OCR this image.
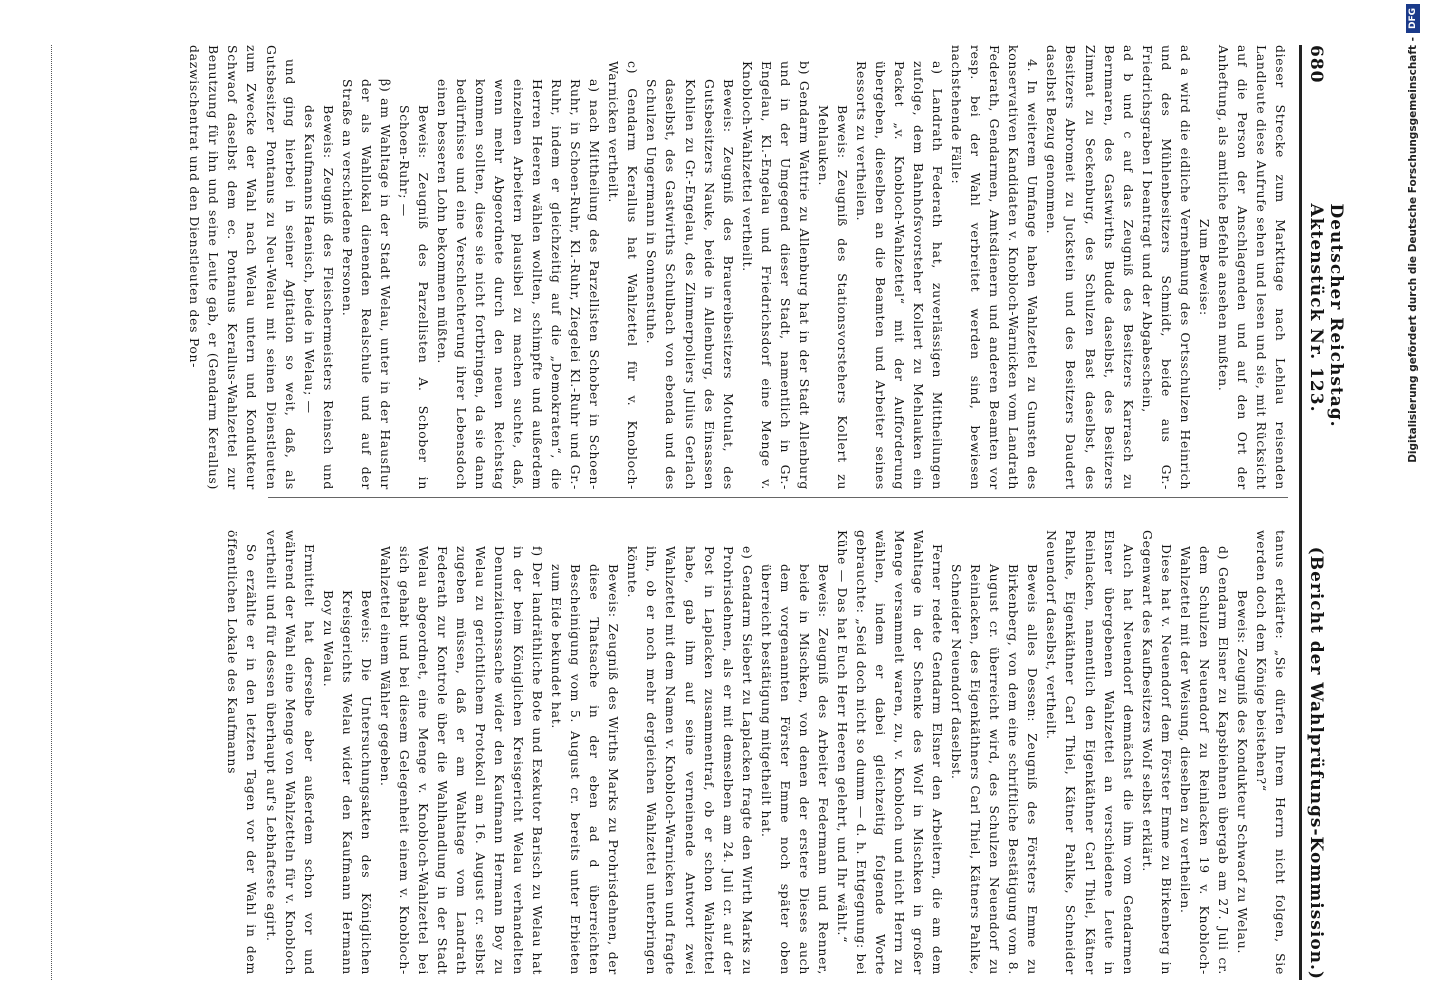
680
Deutscher Reichstag. Aktenstück Nr. 123.
(Bericht der Wahlprüfungs-Kommission.)

dieser Strecke zum Markttage nach Lehlau reisenden Landleute diese Aufrufe sehen und lesen und sie, mit Rücksicht auf die Person der Anschlagenden und auf den Ort der Anheftung, als amtliche Befehle ansehen mußten.

Zum Beweise:

ad a wird die eidliche Vernehmung des Ortsschulzen Heinrich und des Mühlenbesitzers Schmidt, beide aus Gr.-Friedrichsgraben I beantragt und der Abgabeschein,

ad b und c auf das Zeugniß des Besitzers Karrasch zu Bernmaren, des Gastwirths Budde daselbst, des Besitzers Zimmat zu Seckenburg, des Schulzen Bast daselbst, des Besitzers Abromeit zu Juckstein und des Besitzers Daudert daselbst Bezug genommen.

4. In weiterem Umfange haben Wahlzettel zu Gunsten des konservativen Kandidaten v. Knobloch-Warnicken vom Landrath Federath, Gendarmen, Amtsdienern und anderen Beamten vor resp. bei der Wahl verbreitet werden sind, bewiesen nachstehende Fälle:

a) Landrath Federath hat, zuverlässigen Mittheilungen zufolge, dem Bahnhofsvorsteher Kollert zu Mehlauken ein Packet „v. Knobloch-Wahlzettel“ mit der Aufforderung übergeben, dieselben an die Beamten und Arbeiter seines Ressorts zu vertheilen.

Beweis: Zeugniß des Stationsvorstehers Kollert zu Mehlauken.

b) Gendarm Wattrie zu Allenburg hat in der Stadt Allenburg und in der Umgegend dieser Stadt, namentlich in Gr.-Engelau, Kl.-Engelau und Friedrichsdorf eine Menge v. Knobloch-Wahlzettel vertheilt.

Beweis: Zeugniß des Brauereibesitzers Motulat, des Gutsbesitzers Nauke, beide in Allenburg, des Einsassen Kohlien zu Gr.-Engelau, des Zimmerpoliers Julius Gerlach daselbst, des Gastwirths Schulbach von ebenda und des Schulzen Ungermann in Sonnenstuhe.

c) Gendarm Kerallus hat Wahlzettel für v. Knobloch-Warnicken vertheilt.

a) nach Mittheilung des Parzellisten Schober in Schoen-Ruhr, in Schoen-Ruhr, Kl.-Ruhr, Ziegelei Kl.-Ruhr und Gr.-Ruhr, indem er gleichzeitig auf die „Demokraten“, die Herren Heeren wählen wollten, schimpfte und außerdem einzelnen Arbeitern plausibel zu machen suchte, daß, wenn mehr Abgeordnete durch den neuen Reichstag kommen sollten, diese sie nicht fortbringen, da sie dann bedürfnisse und eine Verschlechterung ihrer Lebensdoch einen besseren Lohn bekommen müßten.

Beweis: Zeugniß des Parzellisten A. Schober in Schoen-Ruhr; —

β) am Wahltage in der Stadt Welau, unter in der Hausflur der als Wahllokal dienenden Realschule und auf der Straße an verschiedene Personen.

Beweis: Zeugniß des Fleischermeisters Reinsch und des Kaufmanns Haenisch, beide in Welau; —

und ging hierbei in seiner Agitation so weit, daß, als Gutsbesitzer Pontanus zu Neu-Welau mit seinen Dienstleuten zum Zwecke der Wahl nach Welau untern und Kondukteur Schwaof daselbst dem ec. Pontanus Kerallus-Wahlzettel zur Benutzung für ihn und seine Leute gab, er (Gendarm Kerallus) dazwischentrat und den Dienstleuten des Pon-

tanus erklärte: „Sie dürfen Ihrem Herrn nicht folgen, Sie werden doch dem Könige beistehen?“

Beweis: Zeugniß des Kondukteur Schwaof zu Welau.

d) Gendarm Elsner zu Kapsbiehnen übergab am 27. Juli cr. dem Schulzen Neuendorf zu Reinlacken 19 v. Knobloch-Wahlzettel mit der Weisung, dieselben zu vertheilen.

Diese hat v. Neuendorf dem Förster Emme zu Birkenberg in Gegenwart des Kaufbesitzers Wolf selbst erklärt.

Auch hat Neuendorf demnächst die ihm vom Gendarmen Elsner übergebenen Wahlzettel an verschiedene Leute in Reinlacken, namentlich den Eigenkäthner Carl Thiel, Kätner Pahlke, Eigenkäthner Carl Thiel, Kätner Pahlke, Schneider Neuendorf daselbst, vertheilt.

Beweis alles Dessen: Zeugniß des Försters Emme zu Birkenberg, von dem eine schriftliche Bestätigung vom 8. August cr. überreicht wird, des Schulzen Neuendorf zu Reinlacken, des Eigenkäthners Carl Thiel, Kätners Pahlke, Schneider Neuendorf daselbst.

Ferner redete Gendarm Elsner den Arbeitern, die am dem Wahltage in der Schenke des Wolf in Mischken in großer Menge versammelt waren, zu, v. Knobloch und nicht Herrn zu wählen, indem er dabei gleichzeitig folgende Worte gebrauchte: „Seid doch nicht so dumm — d. h. Entgegnung: bei Kühe — Das hat Euch Herr Heeren gelehrt, und Ihr wählt.“

Beweis: Zeugniß des Arbeiter Federmann und Renner, beide in Mischken, von denen der erstere Dieses auch dem vorgenannten Förster Emme noch später oben überreicht bestätigung mitgetheilt hat.

e) Gendarm Siebert zu Laplacken fragte den Wirth Marks zu Prohrisdehnen, als er mit demselben am 24. Juli cr. auf der Post in Laplacken zusammentraf, ob er schon Wahlzettel habe, gab ihm auf seine verneinende Antwort zwei Wahlzettel mit dem Namen v. Knobloch-Warnicken und fragte ihn, ob er noch mehr dergleichen Wahlzettel unterbringen könnte.

Beweis: Zeugniß des Wirths Marks zu Prohrisdehnen, der diese Thatsache in der eben ad d überreichten Bescheinigung vom 5. August cr. bereits unter Erbieten zum Eide bekundet hat.

f) Der landräthliche Bote und Exekutor Barisch zu Welau hat in der beim Königlichen Kreisgericht Welau verhandelten Denunziationssache wider den Kaufmann Hermann Boy zu Welau zu gerichtlichem Protokoll am 16. August cr. selbst zugeben müssen, daß er am Wahltage vom Landrath Federath zur Kontrole über die Wahlhandlung in der Stadt Welau abgeordnet, eine Menge v. Knobloch-Wahlzettel bei sich gehabt und bei diesem Gelegenheit einem v. Knobloch-Wahlzettel einem Wähler gegeben.

Beweis: Die Untersuchungsakten des Königlichen Kreisgerichts Welau wider den Kaufmann Hermann Boy zu Welau.

Ermittelt hat derselbe aber außerdem schon vor und während der Wahl eine Menge von Wahlzetteln für v. Knobloch vertheilt und für dessen überhaupt auf's Lebhafteste agirt.

So erzählte er in den letzten Tagen vor der Wahl in dem öffentlichen Lokale des Kaufmanns

Digitalisierung gefördert durch die Deutsche Forschungsgemeinschaft -
DFG
